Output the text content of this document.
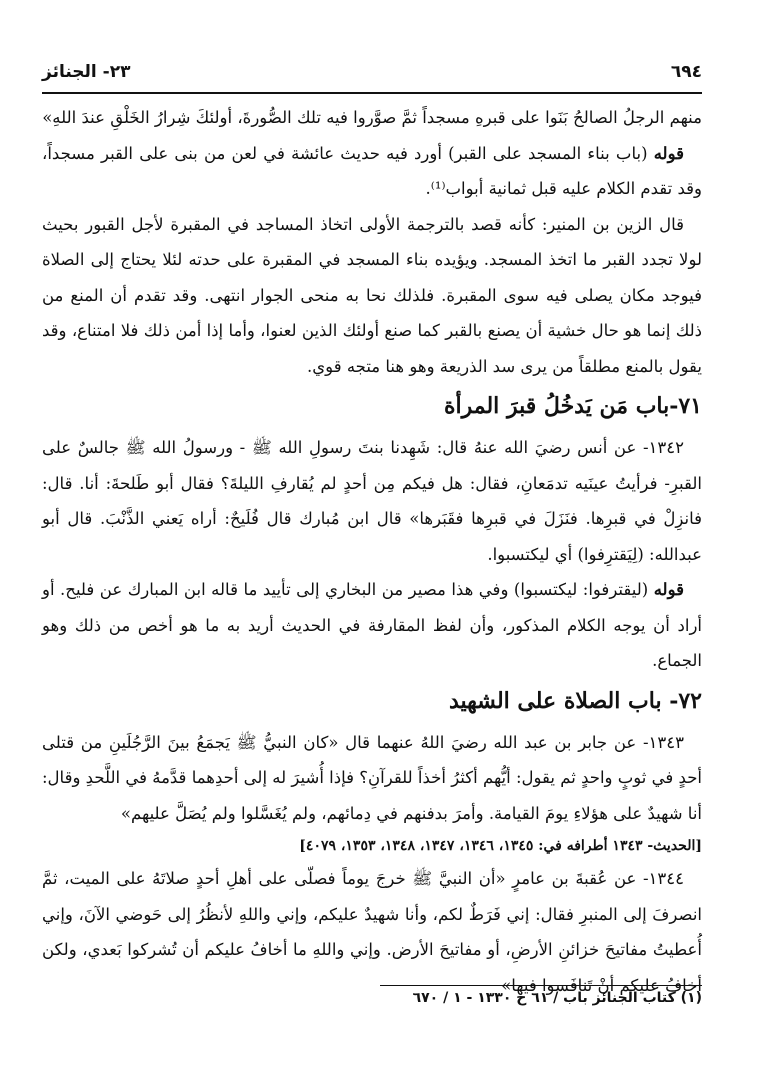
٦٩٤
٢٣- الجنائز

منهم الرجلُ الصالحُ بَنَوا على قبرهِ مسجداً ثمَّ صوَّروا فيه تلك الصُّورةَ، أولئكَ شِرارُ الخَلْقِ عندَ اللهِ»

قوله (باب بناء المسجد على القبر) أورد فيه حديث عائشة في لعن من بنى على القبر مسجداً، وقد تقدم الكلام عليه قبل ثمانية أبواب⁽¹⁾.

قال الزين بن المنير: كأنه قصد بالترجمة الأولى اتخاذ المساجد في المقبرة لأجل القبور بحيث لولا تجدد القبر ما اتخذ المسجد. ويؤيده بناء المسجد في المقبرة على حدته لئلا يحتاج إلى الصلاة فيوجد مكان يصلى فيه سوى المقبرة. فلذلك نحا به منحى الجوار انتهى. وقد تقدم أن المنع من ذلك إنما هو حال خشية أن يصنع بالقبر كما صنع أولئك الذين لعنوا، وأما إذا أمن ذلك فلا امتناع، وقد يقول بالمنع مطلقاً من يرى سد الذريعة وهو هنا متجه قوي.

٧١-باب مَن يَدخُلُ قبرَ المرأة

١٣٤٢- عن أنس رضيَ الله عنهُ قال: شَهِدنا بنتَ رسولِ الله ﷺ - ورسولُ الله ﷺ جالسٌ على القبرِ- فرأيتُ عينَيه تدمَعانِ، فقال: هل فيكم مِن أحدٍ لم يُقارفِ الليلةَ؟ فقال أبو طَلحةَ: أنا. قال: فانزِلْ في قبرِها. فنَزَلَ في قبرِها فقَبَرها» قال ابن مُبارك قال فُلَيحٌ: أراه يَعني الذَّنْبَ. قال أبو عبدالله: (لِيَقترِفوا) أي ليكتسبوا.

قوله (ليقترفوا: ليكتسبوا) وفي هذا مصير من البخاري إلى تأييد ما قاله ابن المبارك عن فليح. أو أراد أن يوجه الكلام المذكور، وأن لفظ المقارفة في الحديث أريد به ما هو أخص من ذلك وهو الجماع.

٧٢- باب الصلاة على الشهيد

١٣٤٣- عن جابر بن عبد الله رضيَ اللهُ عنهما قال «كان النبيُّ ﷺ يَجمَعُ بينَ الرَّجُلَينِ من قتلى أحدٍ في ثوبٍ واحدٍ ثم يقول: أيُّهم أكثرُ أخذاً للقرآنِ؟ فإذا أُشيرَ له إلى أحدِهما قدَّمهُ في اللَّحدِ وقال: أنا شهيدٌ على هؤلاءِ يومَ القيامة. وأمرَ بدفنهم في دِمائهم، ولم يُغَسَّلوا ولم يُصَلَّ عليهم»

[الحديث- ١٣٤٣ أطرافه في: ١٣٤٥، ١٣٤٦، ١٣٤٧، ١٣٤٨، ١٣٥٣، ٤٠٧٩]

١٣٤٤- عن عُقبةَ بن عامرٍ «أن النبيَّ ﷺ خرجَ يوماً فصلّى على أهلِ أحدٍ صلاتَهُ على الميت، ثمَّ انصرفَ إلى المنبرِ فقال: إني فَرَطٌ لكم، وأنا شهيدٌ عليكم، وإني واللهِ لأنظُرُ إلى حَوضي الآنَ، وإني أُعطيتُ مفاتيحَ خزائنِ الأرضِ، أو مفاتيحَ الأرض. وإني واللهِ ما أخافُ عليكم أن تُشركوا بَعدي، ولكن أخافُ عليكم أنْ تَنافَسوا فيها»

(١) كتاب الجنائز باب / ٦١ ح ١٣٣٠ - ١ / ٦٧٠
